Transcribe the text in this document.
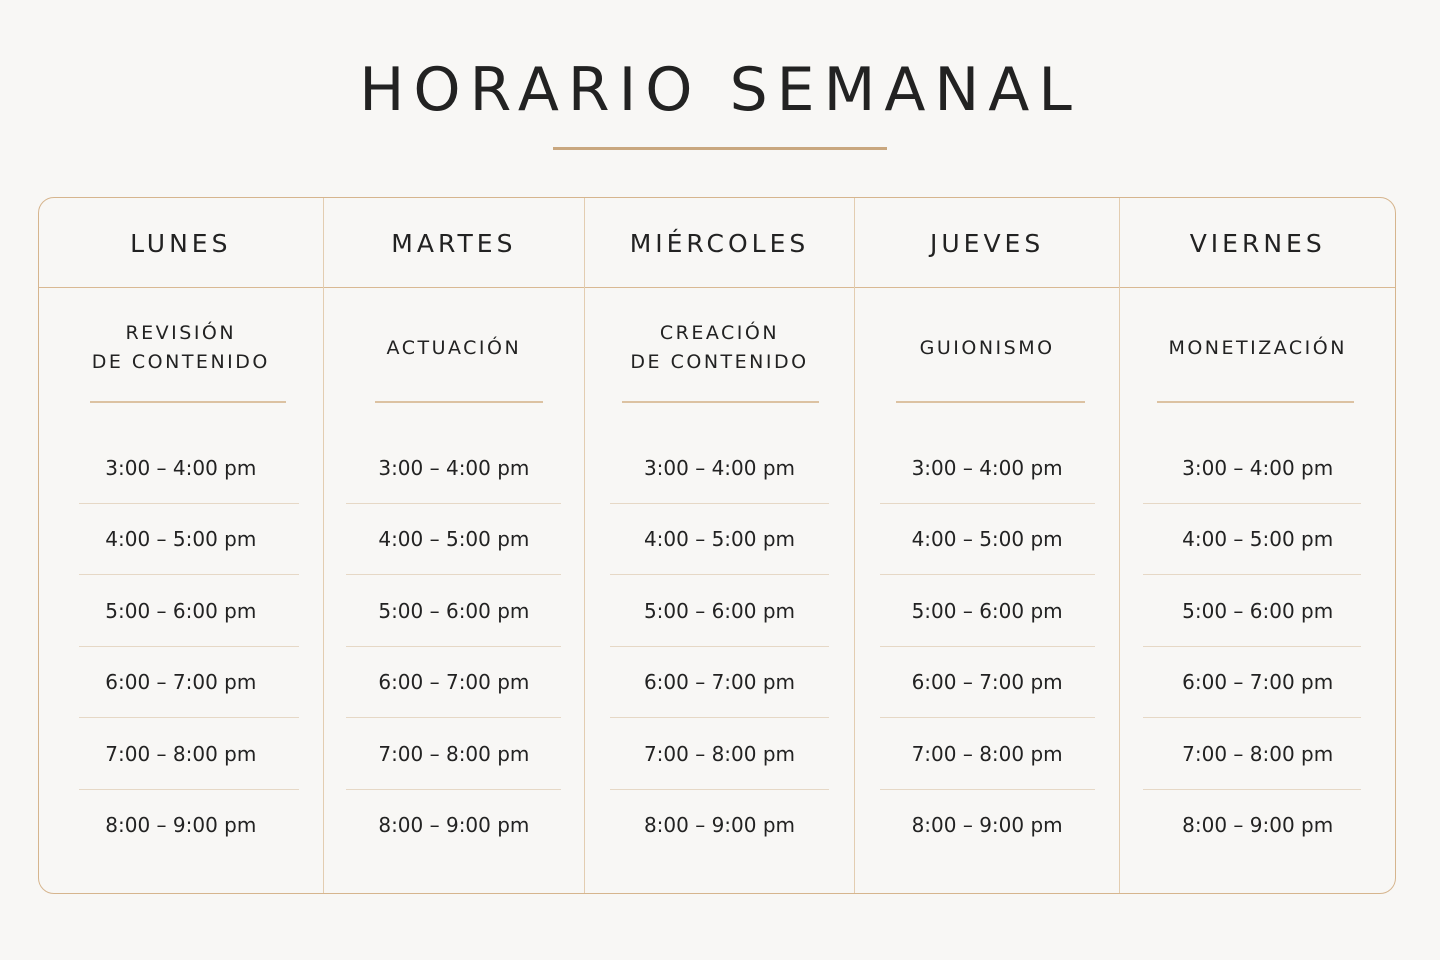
HORARIO SEMANAL
LUNES
REVISIÓN
DE CONTENIDO
3:00 – 4:00 pm
4:00 – 5:00 pm
5:00 – 6:00 pm
6:00 – 7:00 pm
7:00 – 8:00 pm
8:00 – 9:00 pm
MARTES
ACTUACIÓN
3:00 – 4:00 pm
4:00 – 5:00 pm
5:00 – 6:00 pm
6:00 – 7:00 pm
7:00 – 8:00 pm
8:00 – 9:00 pm
MIÉRCOLES
CREACIÓN
DE CONTENIDO
3:00 – 4:00 pm
4:00 – 5:00 pm
5:00 – 6:00 pm
6:00 – 7:00 pm
7:00 – 8:00 pm
8:00 – 9:00 pm
JUEVES
GUIONISMO
3:00 – 4:00 pm
4:00 – 5:00 pm
5:00 – 6:00 pm
6:00 – 7:00 pm
7:00 – 8:00 pm
8:00 – 9:00 pm
VIERNES
MONETIZACIÓN
3:00 – 4:00 pm
4:00 – 5:00 pm
5:00 – 6:00 pm
6:00 – 7:00 pm
7:00 – 8:00 pm
8:00 – 9:00 pm
